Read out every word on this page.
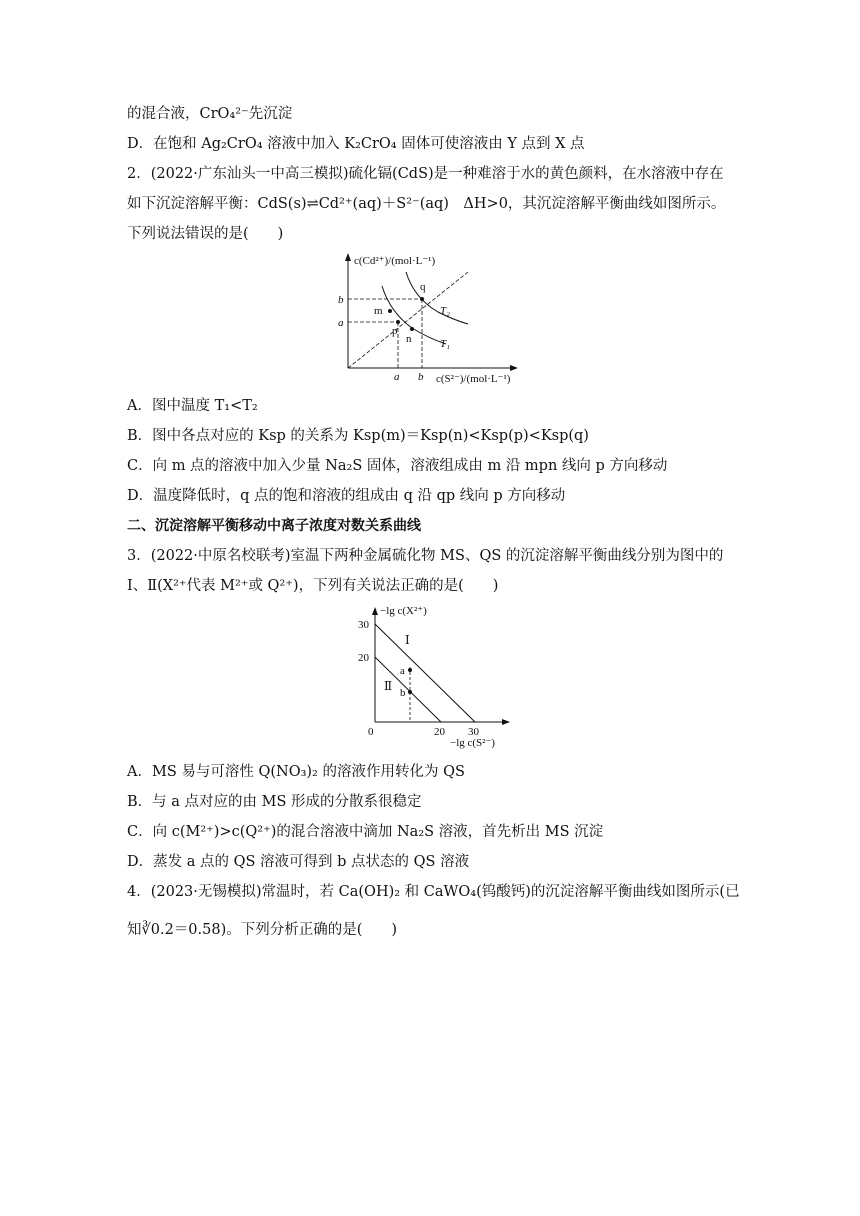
的混合液，CrO₄²⁻先沉淀
D．在饱和 Ag₂CrO₄ 溶液中加入 K₂CrO₄ 固体可使溶液由 Y 点到 X 点
2．(2022·广东汕头一中高三模拟)硫化镉(CdS)是一种难溶于水的黄色颜料，在水溶液中存在
如下沉淀溶解平衡：CdS(s)⇌Cd²⁺(aq)＋S²⁻(aq)　ΔH>0，其沉淀溶解平衡曲线如图所示。
下列说法错误的是(　　)
c(Cd²⁺)/(mol·L⁻¹)
c(S²⁻)/(mol·L⁻¹)
m
p
n
q
T₂
T₁
b
a
a b
A．图中温度 T₁<T₂
B．图中各点对应的 Ksp 的关系为 Ksp(m)＝Ksp(n)<Ksp(p)<Ksp(q)
C．向 m 点的溶液中加入少量 Na₂S 固体，溶液组成由 m 沿 mpn 线向 p 方向移动
D．温度降低时，q 点的饱和溶液的组成由 q 沿 qp 线向 p 方向移动
二、沉淀溶解平衡移动中离子浓度对数关系曲线
3．(2022·中原名校联考)室温下两种金属硫化物 MS、QS 的沉淀溶解平衡曲线分别为图中的
Ⅰ、Ⅱ(X²⁺代表 M²⁺或 Q²⁺)，下列有关说法正确的是(　　)
−lg c(X²⁺)
−lg c(S²⁻)
a
b
Ⅰ
Ⅱ
30
20
0	20 30
A．MS 易与可溶性 Q(NO₃)₂ 的溶液作用转化为 QS
B．与 a 点对应的由 MS 形成的分散系很稳定
C．向 c(M²⁺)>c(Q²⁺)的混合溶液中滴加 Na₂S 溶液，首先析出 MS 沉淀
D．蒸发 a 点的 QS 溶液可得到 b 点状态的 QS 溶液
4．(2023·无锡模拟)常温时，若 Ca(OH)₂ 和 CaWO₄(钨酸钙)的沉淀溶解平衡曲线如图所示(已
知∛0.2＝0.58)。下列分析正确的是(　　)
